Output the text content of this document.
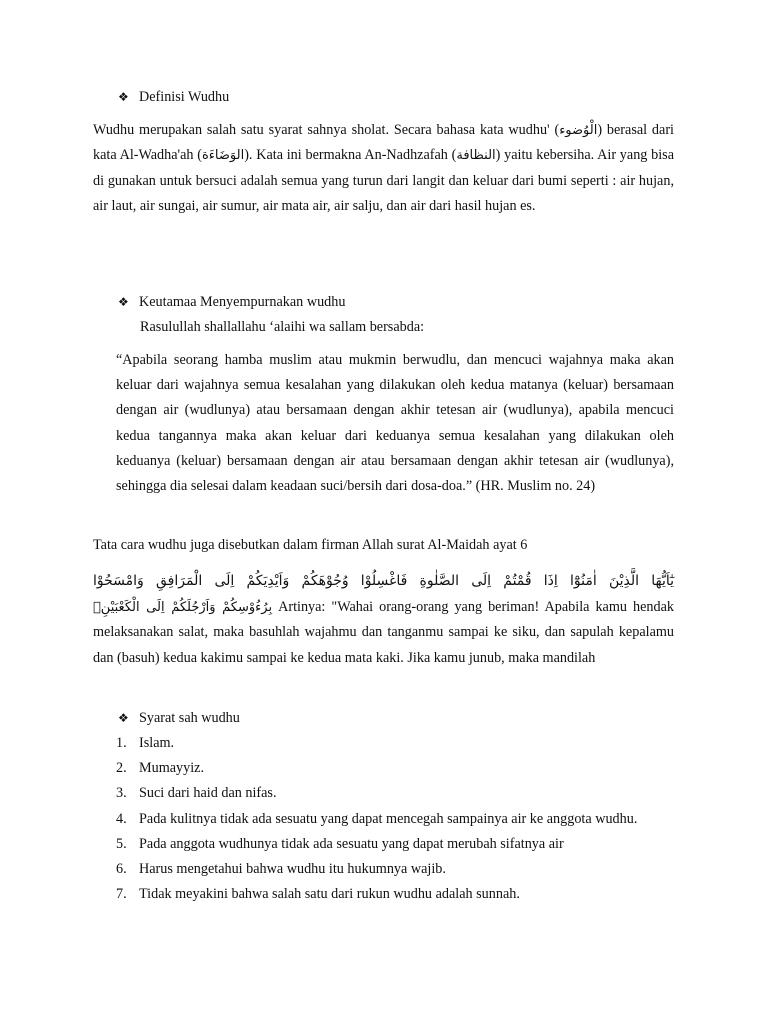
❖ Definisi Wudhu

Wudhu merupakan salah satu syarat sahnya sholat. Secara bahasa kata wudhu' (الْوُضوء) berasal dari kata Al-Wadha'ah (الوَضَاءَة). Kata ini bermakna An-Nadhzafah (النظافة) yaitu kebersiha. Air yang bisa di gunakan untuk bersuci adalah semua yang turun dari langit dan keluar dari bumi seperti : air hujan, air laut, air sungai, air sumur, air mata air, air salju, dan air dari hasil hujan es.

❖ Keutamaa Menyempurnakan wudhu
Rasulullah shallallahu ‘alaihi wa sallam bersabda:

“Apabila seorang hamba muslim atau mukmin berwudlu, dan mencuci wajahnya maka akan keluar dari wajahnya semua kesalahan yang dilakukan oleh kedua matanya (keluar) bersamaan dengan air (wudlunya) atau bersamaan dengan akhir tetesan air (wudlunya), apabila mencuci kedua tangannya maka akan keluar dari keduanya semua kesalahan yang dilakukan oleh keduanya (keluar) bersamaan dengan air atau bersamaan dengan akhir tetesan air (wudlunya), sehingga dia selesai dalam keadaan suci/bersih dari dosa-doa.” (HR. Muslim no. 24)

Tata cara wudhu juga disebutkan dalam firman Allah surat Al-Maidah ayat 6
يٰٓاَيُّهَا الَّذِيْنَ اٰمَنُوْٓا اِذَا قُمْتُمْ اِلَى الصَّلٰوةِ فَاغْسِلُوْا وُجُوْهَكُمْ وَاَيْدِيَكُمْ اِلَى الْمَرَافِقِ وَامْسَحُوْا

بِرُءُوْسِكُمْ وَاَرْجُلَكُمْ اِلَى الْكَعْبَيْنِۗ Artinya: "Wahai orang-orang yang beriman! Apabila kamu hendak melaksanakan salat, maka basuhlah wajahmu dan tanganmu sampai ke siku, dan sapulah kepalamu dan (basuh) kedua kakimu sampai ke kedua mata kaki. Jika kamu junub, maka mandilah

❖ Syarat sah wudhu
1. Islam.
2. Mumayyiz.
3. Suci dari haid dan nifas.
4. Pada kulitnya tidak ada sesuatu yang dapat mencegah sampainya air ke anggota wudhu.
5. Pada anggota wudhunya tidak ada sesuatu yang dapat merubah sifatnya air
6. Harus mengetahui bahwa wudhu itu hukumnya wajib.
7. Tidak meyakini bahwa salah satu dari rukun wudhu adalah sunnah.
